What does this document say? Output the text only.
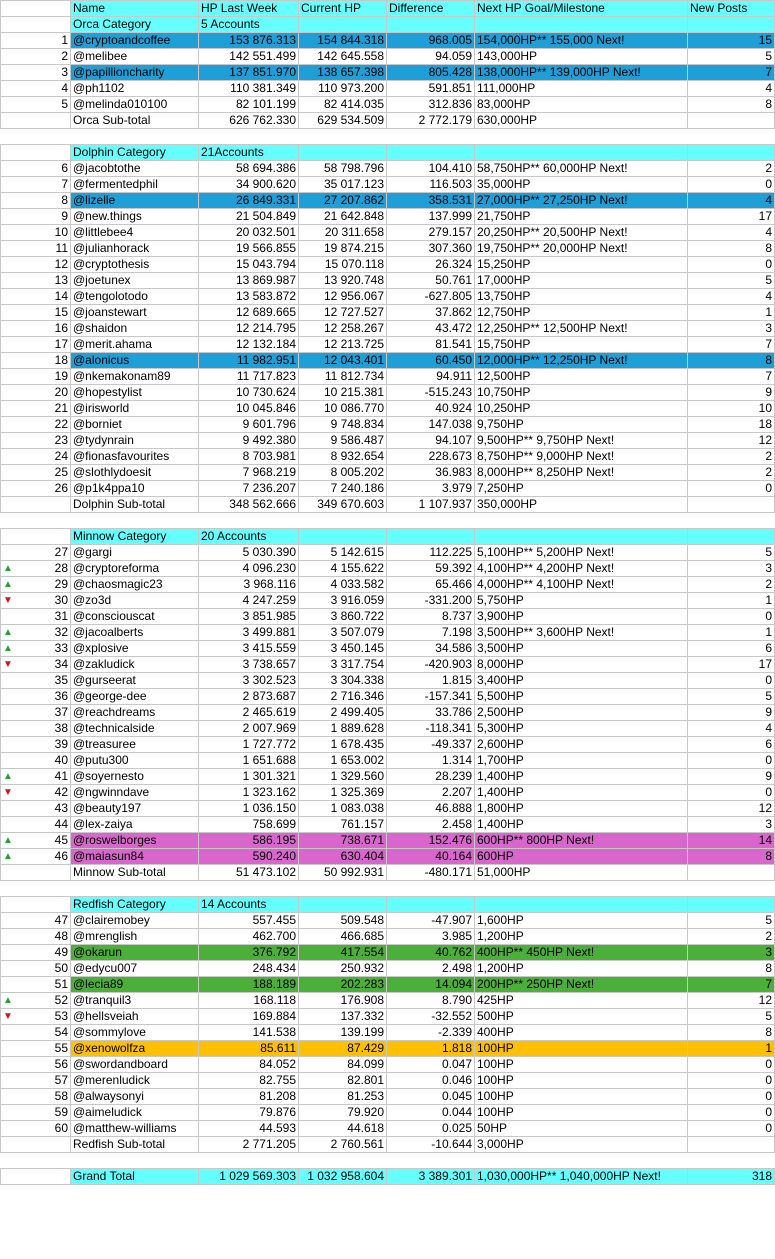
		Name	HP Last Week	Current HP	Difference	Next HP Goal/Milestone	New Posts
		Orca Category	5 Accounts				
	1	@cryptoandcoffee	153 876.313	154 844.318	968.005	154,000HP** 155,000 Next!	15
	2	@melibee	142 551.499	142 645.558	94.059	143,000HP	5
	3	@papillioncharity	137 851.970	138 657.398	805.428	138,000HP** 139,000HP Next!	7
	4	@ph1102	110 381.349	110 973.200	591.851	111,000HP	4
	5	@melinda010100	82 101.199	82 414.035	312.836	83,000HP	8
		Orca Sub-total	626 762.330	629 534.509	2 772.179	630,000HP	

		Dolphin Category	21Accounts				
	6	@jacobtothe	58 694.386	58 798.796	104.410	58,750HP** 60,000HP Next!	2
	7	@fermentedphil	34 900.620	35 017.123	116.503	35,000HP	0
	8	@lizelle	26 849.331	27 207.862	358.531	27,000HP** 27,250HP Next!	4
	9	@new.things	21 504.849	21 642.848	137.999	21,750HP	17
	10	@littlebee4	20 032.501	20 311.658	279.157	20,250HP** 20,500HP Next!	4
	11	@julianhorack	19 566.855	19 874.215	307.360	19,750HP** 20,000HP Next!	8
	12	@cryptothesis	15 043.794	15 070.118	26.324	15,250HP	0
	13	@joetunex	13 869.987	13 920.748	50.761	17,000HP	5
	14	@tengolotodo	13 583.872	12 956.067	-627.805	13,750HP	4
	15	@joanstewart	12 689.665	12 727.527	37.862	12,750HP	1
	16	@shaidon	12 214.795	12 258.267	43.472	12,250HP** 12,500HP Next!	3
	17	@merit.ahama	12 132.184	12 213.725	81.541	15,750HP	7
	18	@alonicus	11 982.951	12 043.401	60.450	12,000HP** 12,250HP Next!	8
	19	@nkemakonam89	11 717.823	11 812.734	94.911	12,500HP	7
	20	@hopestylist	10 730.624	10 215.381	-515.243	10,750HP	9
	21	@irisworld	10 045.846	10 086.770	40.924	10,250HP	10
	22	@borniet	9 601.796	9 748.834	147.038	9,750HP	18
	23	@tydynrain	9 492.380	9 586.487	94.107	9,500HP** 9,750HP Next!	12
	24	@fionasfavourites	8 703.981	8 932.654	228.673	8,750HP** 9,000HP Next!	2
	25	@slothlydoesit	7 968.219	8 005.202	36.983	8,000HP** 8,250HP Next!	2
	26	@p1k4ppa10	7 236.207	7 240.186	3.979	7,250HP	0
		Dolphin Sub-total	348 562.666	349 670.603	1 107.937	350,000HP	

		Minnow Category	20 Accounts				
	27	@gargi	5 030.390	5 142.615	112.225	5,100HP** 5,200HP Next!	5
▲	28	@cryptoreforma	4 096.230	4 155.622	59.392	4,100HP** 4,200HP Next!	3
▲	29	@chaosmagic23	3 968.116	4 033.582	65.466	4,000HP** 4,100HP Next!	2
▼	30	@zo3d	4 247.259	3 916.059	-331.200	5,750HP	1
	31	@consciouscat	3 851.985	3 860.722	8.737	3,900HP	0
▲	32	@jacoalberts	3 499.881	3 507.079	7.198	3,500HP** 3,600HP Next!	1
▲	33	@xplosive	3 415.559	3 450.145	34.586	3,500HP	6
▼	34	@zakludick	3 738.657	3 317.754	-420.903	8,000HP	17
	35	@gurseerat	3 302.523	3 304.338	1.815	3,400HP	0
	36	@george-dee	2 873.687	2 716.346	-157.341	5,500HP	5
	37	@reachdreams	2 465.619	2 499.405	33.786	2,500HP	9
	38	@technicalside	2 007.969	1 889.628	-118.341	5,300HP	4
	39	@treasuree	1 727.772	1 678.435	-49.337	2,600HP	6
	40	@putu300	1 651.688	1 653.002	1.314	1,700HP	0
▲	41	@soyernesto	1 301.321	1 329.560	28.239	1,400HP	9
▼	42	@ngwinndave	1 323.162	1 325.369	2.207	1,400HP	0
	43	@beauty197	1 036.150	1 083.038	46.888	1,800HP	12
	44	@lex-zaiya	758.699	761.157	2.458	1,400HP	3
▲	45	@roswelborges	586.195	738.671	152.476	600HP** 800HP Next!	14
▲	46	@maiasun84	590.240	630.404	40.164	600HP	8
		Minnow Sub-total	51 473.102	50 992.931	-480.171	51,000HP	

		Redfish Category	14 Accounts				
	47	@clairemobey	557.455	509.548	-47.907	1,600HP	5
	48	@mrenglish	462.700	466.685	3.985	1,200HP	2
	49	@okarun	376.792	417.554	40.762	400HP** 450HP Next!	3
	50	@edycu007	248.434	250.932	2.498	1,200HP	8
	51	@lecia89	188.189	202.283	14.094	200HP** 250HP Next!	7
▲	52	@tranquil3	168.118	176.908	8.790	425HP	12
▼	53	@hellsveiah	169.884	137.332	-32.552	500HP	5
	54	@sommylove	141.538	139.199	-2.339	400HP	8
	55	@xenowolfza	85.611	87.429	1.818	100HP	1
	56	@swordandboard	84.052	84.099	0.047	100HP	0
	57	@merenludick	82.755	82.801	0.046	100HP	0
	58	@alwaysonyi	81.208	81.253	0.045	100HP	0
	59	@aimeludick	79.876	79.920	0.044	100HP	0
	60	@matthew-williams	44.593	44.618	0.025	50HP	0
		Redfish Sub-total	2 771.205	2 760.561	-10.644	3,000HP	

		Grand Total	1 029 569.303	1 032 958.604	3 389.301	1,030,000HP** 1,040,000HP Next!	318
